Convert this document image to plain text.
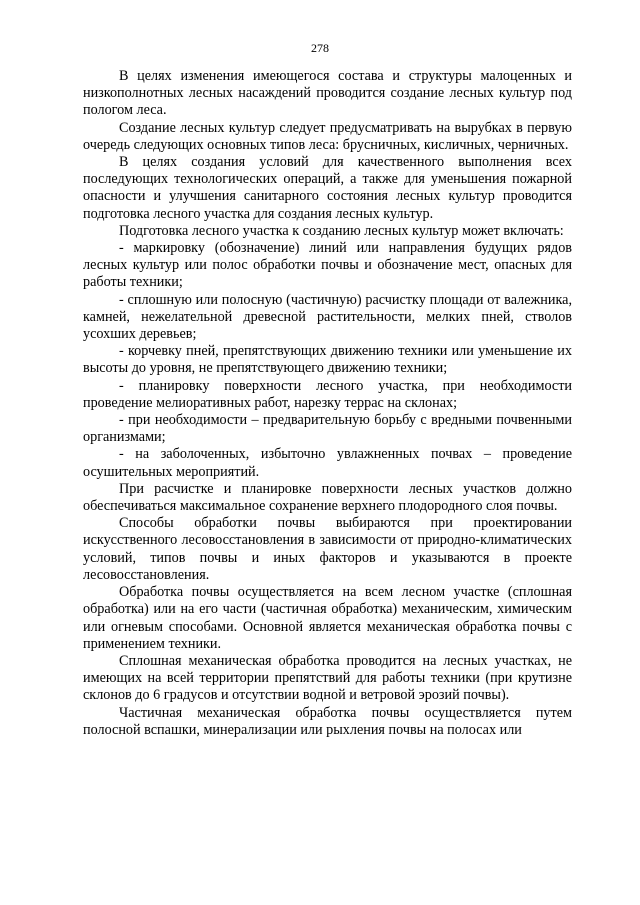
278

В целях изменения имеющегося состава и структуры малоценных и низкополнотных лесных насаждений проводится создание лесных культур под пологом леса.

Создание лесных культур следует предусматривать на вырубках в первую очередь следующих основных типов леса: брусничных, кисличных, черничных.

В целях создания условий для качественного выполнения всех последующих технологических операций, а также для уменьшения пожарной опасности и улучшения санитарного состояния лесных культур проводится подготовка лесного участка для создания лесных культур.

Подготовка лесного участка к созданию лесных культур может включать:

- маркировку (обозначение) линий или направления будущих рядов лесных культур или полос обработки почвы и обозначение мест, опасных для работы техники;

- сплошную или полосную (частичную) расчистку площади от валежника, камней, нежелательной древесной растительности, мелких пней, стволов усохших деревьев;

- корчевку пней, препятствующих движению техники или уменьшение их высоты до уровня, не препятствующего движению техники;

- планировку поверхности лесного участка, при необходимости проведение мелиоративных работ, нарезку террас на склонах;

- при необходимости – предварительную борьбу с вредными почвенными организмами;

- на заболоченных, избыточно увлажненных почвах – проведение осушительных мероприятий.

При расчистке и планировке поверхности лесных участков должно обеспечиваться максимальное сохранение верхнего плодородного слоя почвы.

Способы обработки почвы выбираются при проектировании искусственного лесовосстановления в зависимости от природно-климатических условий, типов почвы и иных факторов и указываются в проекте лесовосстановления.

Обработка почвы осуществляется на всем лесном участке (сплошная обработка) или на его части (частичная обработка) механическим, химическим или огневым способами. Основной является механическая обработка почвы с применением техники.

Сплошная механическая обработка проводится на лесных участках, не имеющих на всей территории препятствий для работы техники (при крутизне склонов до 6 градусов и отсутствии водной и ветровой эрозий почвы).

Частичная механическая обработка почвы осуществляется путем полосной вспашки, минерализации или рыхления почвы на полосах или
